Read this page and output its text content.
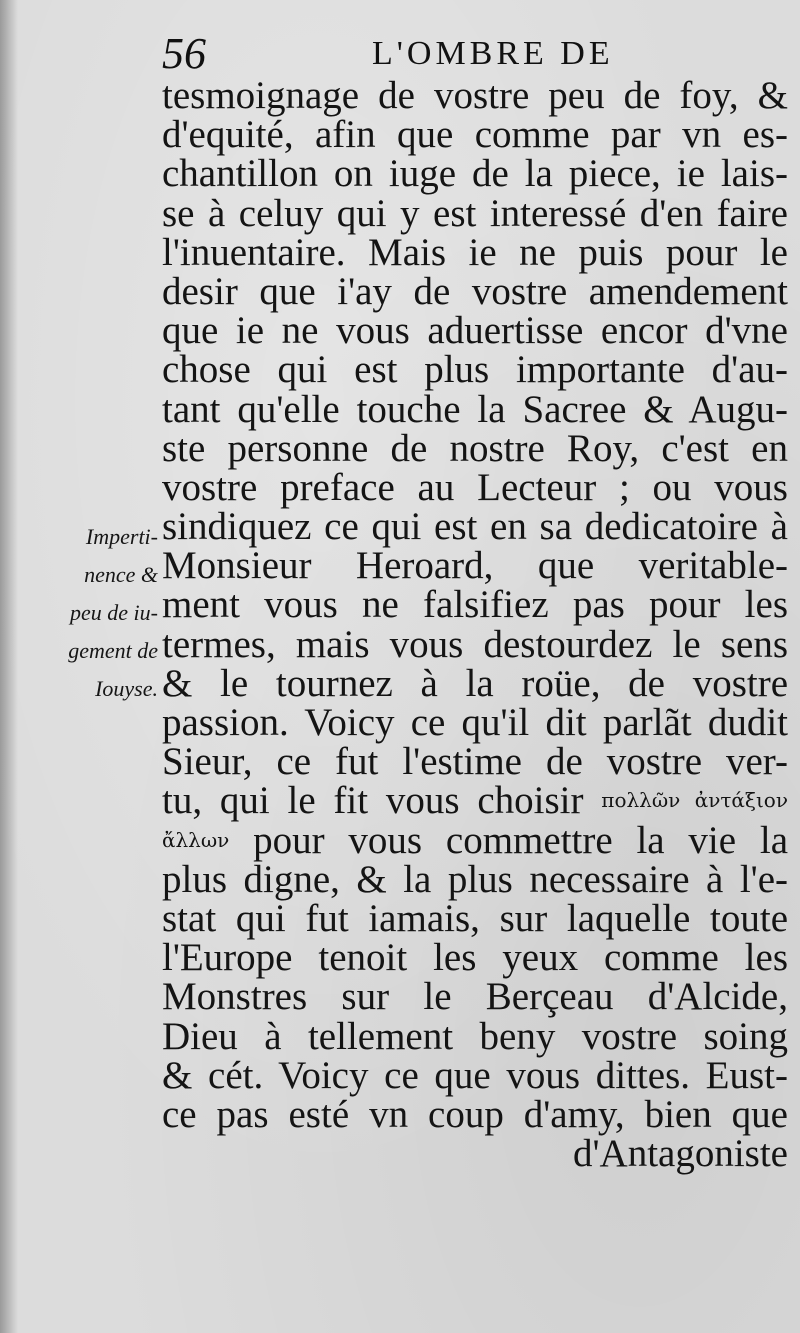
56	L'OMBRE DE
Imperti-
nence &
peu de iu-
gement de
Iouyse.
tesmoignage de vostre peu de foy, &
d'equité, afin que comme par vn es-
chantillon on iuge de la piece, ie lais-
se à celuy qui y est interessé d'en faire
l'inuentaire. Mais ie ne puis pour le
desir que i'ay de vostre amendement
que ie ne vous aduertisse encor d'vne
chose qui est plus importante d'au-
tant qu'elle touche la Sacree & Augu-
ste personne de nostre Roy, c'est en
vostre preface au Lecteur ; ou vous
sindiquez ce qui est en sa dedicatoire à
Monsieur Heroard, que veritable-
ment vous ne falsifiez pas pour les
termes, mais vous destourdez le sens
& le tournez à la roüe, de vostre
passion. Voicy ce qu'il dit parlãt dudit
Sieur, ce fut l'estime de vostre ver-
tu, qui le fit vous choisir πολλῶν ἀντάξιον
ἄλλων pour vous commettre la vie la
plus digne, & la plus necessaire à l'e-
stat qui fut iamais, sur laquelle toute
l'Europe tenoit les yeux comme les
Monstres sur le Berçeau d'Alcide,
Dieu à tellement beny vostre soing
& cét. Voicy ce que vous dittes. Eust-
ce pas esté vn coup d'amy, bien que
d'Antagoniste
